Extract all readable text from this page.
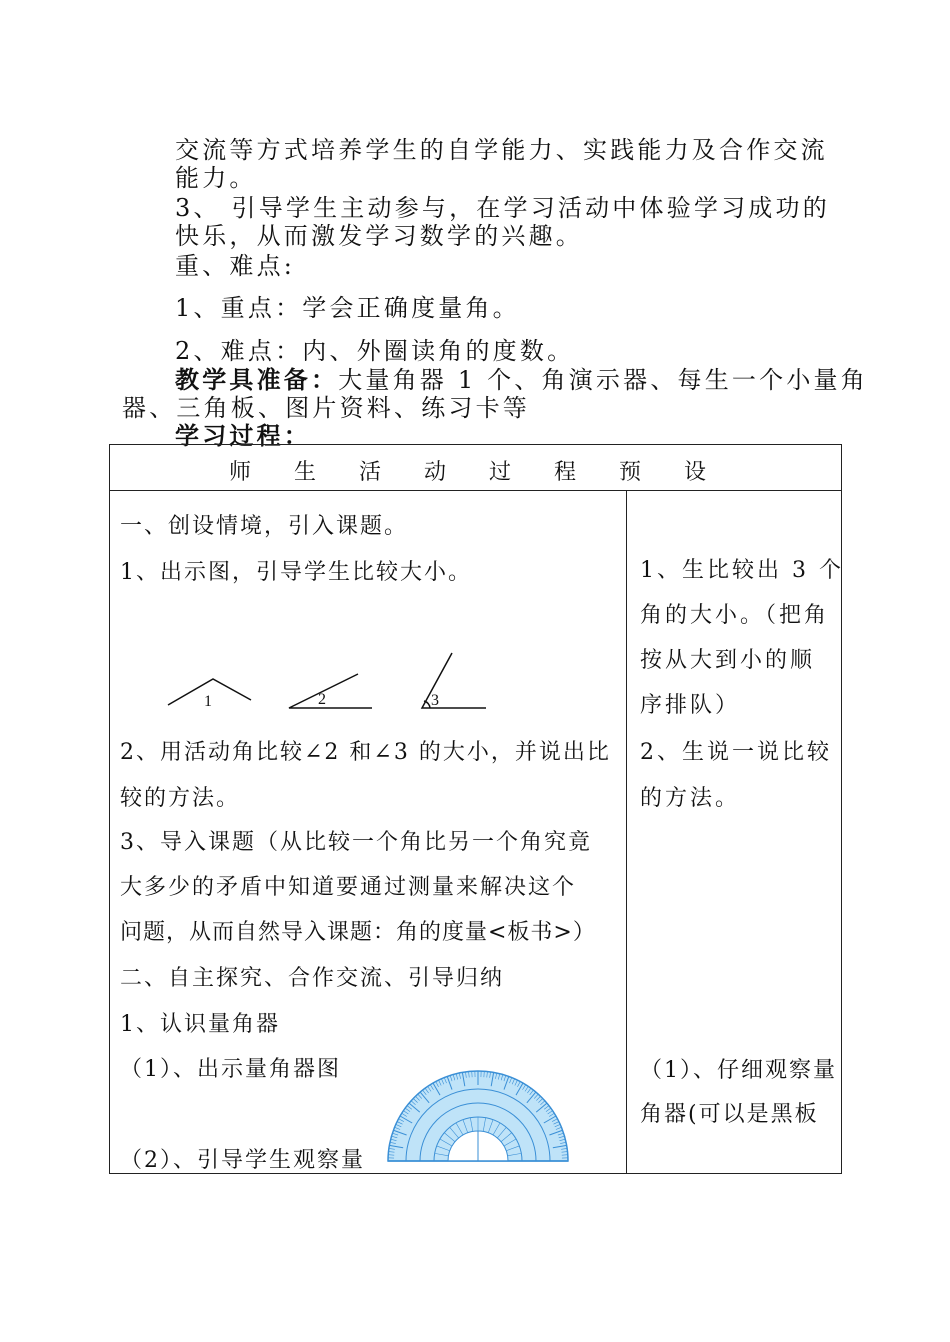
交流等方式培养学生的自学能力、实践能力及合作交流
能力。
3、 引导学生主动参与，在学习活动中体验学习成功的
快乐，从而激发学习数学的兴趣。
重、难点:
1、重点：学会正确度量角。
2、难点：内、外圈读角的度数。
教学具准备：大量角器 1 个、角演示器、每生一个小量角
器、三角板、图片资料、练习卡等
学习过程：
师 生 活 动 过 程 预 设
一、创设情境，引入课题。
1、出示图，引导学生比较大小。
1	2	3
2、用活动角比较∠2 和∠3 的大小，并说出比
较的方法。
3、导入课题（从比较一个角比另一个角究竟
大多少的矛盾中知道要通过测量来解决这个
问题，从而自然导入课题：角的度量<板书>）
二、自主探究、合作交流、引导归纳
1、认识量角器
（1）、出示量角器图
（2）、引导学生观察量
1、生比较出 3 个
角的大小。（把角
按从大到小的顺
序排队）
2、生说一说比较
的方法。
（1）、仔细观察量
角器(可以是黑板
